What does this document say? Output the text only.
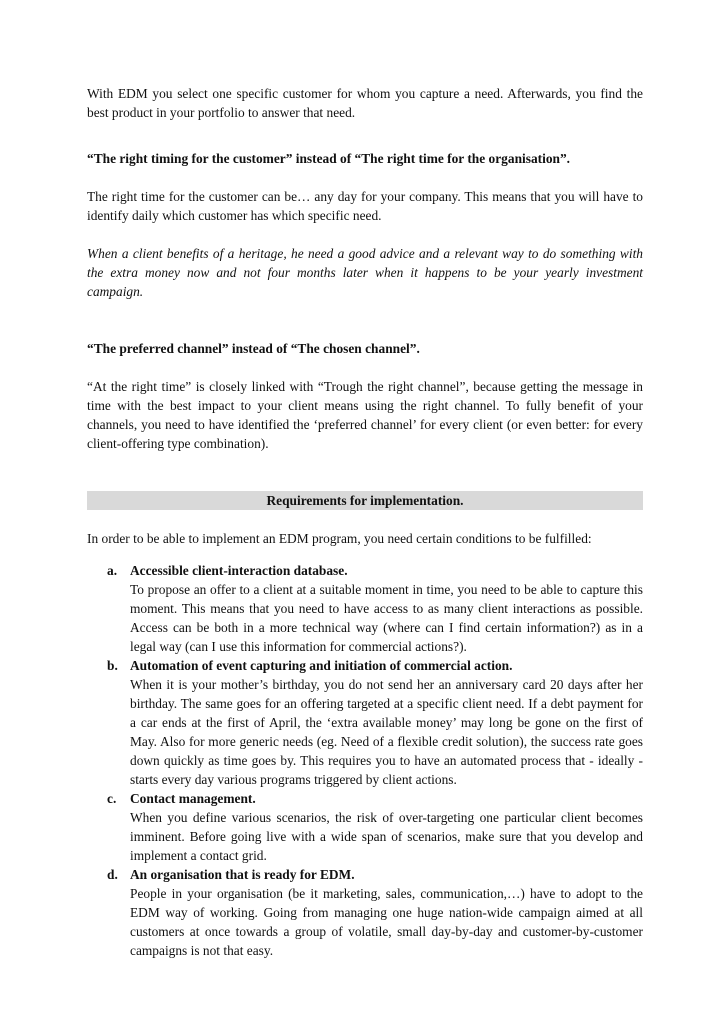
With EDM you select one specific customer for whom you capture a need. Afterwards, you find the best product in your portfolio to answer that need.

“The right timing for the customer” instead of “The right time for the organisation”.

The right time for the customer can be… any day for your company. This means that you will have to identify daily which customer has which specific need.

When a client benefits of a heritage, he need a good advice and a relevant way to do something with the extra money now and not four months later when it happens to be your yearly investment campaign.

“The preferred channel” instead of “The chosen channel”.

“At the right time” is closely linked with “Trough the right channel”, because getting the message in time with the best impact to your client means using the right channel. To fully benefit of your channels, you need to have identified the ‘preferred channel’ for every client (or even better: for every client-offering type combination).

Requirements for implementation.

In order to be able to implement an EDM program, you need certain conditions to be fulfilled:

a. Accessible client-interaction database.
To propose an offer to a client at a suitable moment in time, you need to be able to capture this moment. This means that you need to have access to as many client interactions as possible. Access can be both in a more technical way (where can I find certain information?) as in a legal way (can I use this information for commercial actions?).
b. Automation of event capturing and initiation of commercial action.
When it is your mother’s birthday, you do not send her an anniversary card 20 days after her birthday. The same goes for an offering targeted at a specific client need. If a debt payment for a car ends at the first of April, the ‘extra available money’ may long be gone on the first of May. Also for more generic needs (eg. Need of a flexible credit solution), the success rate goes down quickly as time goes by. This requires you to have an automated process that - ideally - starts every day various programs triggered by client actions.
c. Contact management.
When you define various scenarios, the risk of over-targeting one particular client becomes imminent. Before going live with a wide span of scenarios, make sure that you develop and implement a contact grid.
d. An organisation that is ready for EDM.
People in your organisation (be it marketing, sales, communication,…) have to adopt to the EDM way of working. Going from managing one huge nation-wide campaign aimed at all customers at once towards a group of volatile, small day-by-day and customer-by-customer campaigns is not that easy.
